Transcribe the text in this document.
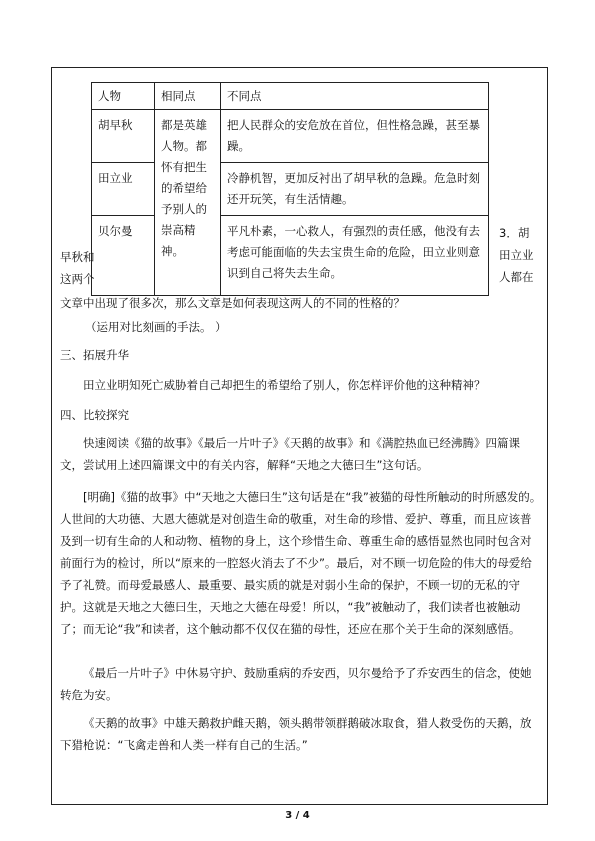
人物	相同点	不同点
胡早秋	都是英雄人物。都怀有把生的希望给予别人的崇高精神。	把人民群众的安危放在首位，但性格急躁，甚至暴躁。
田立业		冷静机智，更加反衬出了胡早秋的急躁。危急时刻还开玩笑，有生活情趣。
贝尔曼		平凡朴素，一心救人，有强烈的责任感，他没有去考虑可能面临的失去宝贵生命的危险，田立业则意识到自己将失去生命。
早秋和
这两个
3．胡
田立业
人都在
文章中出现了很多次，那么文章是如何表现这两人的不同的性格的？
（运用对比刻画的手法。 ）
三、拓展升华
田立业明知死亡威胁着自己却把生的希望给了别人，你怎样评价他的这种精神？
四、比较探究
快速阅读《猫的故事》《最后一片叶子》《天鹅的故事》和《满腔热血已经沸腾》四篇课文，尝试用上述四篇课文中的有关内容，解释“天地之大德曰生”这句话。
[明确]《猫的故事》中“天地之大德曰生”这句话是在“我”被猫的母性所触动的时所感发的。人世间的大功德、大恩大德就是对创造生命的敬重，对生命的珍惜、爱护、尊重，而且应该普及到一切有生命的人和动物、植物的身上，这个珍惜生命、尊重生命的感悟显然也同时包含对前面行为的检讨，所以“原来的一腔怒火消去了不少”。最后，对不顾一切危险的伟大的母爱给予了礼赞。而母爱最感人、最重要、最实质的就是对弱小生命的保护，不顾一切的无私的守护。这就是天地之大德曰生，天地之大德在母爱！所以，“我”被触动了，我们读者也被触动了；而无论“我”和读者，这个触动都不仅仅在猫的母性，还应在那个关于生命的深刻感悟。
《最后一片叶子》中休易守护、鼓励重病的乔安西，贝尔曼给予了乔安西生的信念，使她转危为安。
《天鹅的故事》中雄天鹅救护雌天鹅，领头鹅带领群鹅破冰取食，猎人救受伤的天鹅，放下猎枪说：“飞禽走兽和人类一样有自己的生活。”
3 / 4
